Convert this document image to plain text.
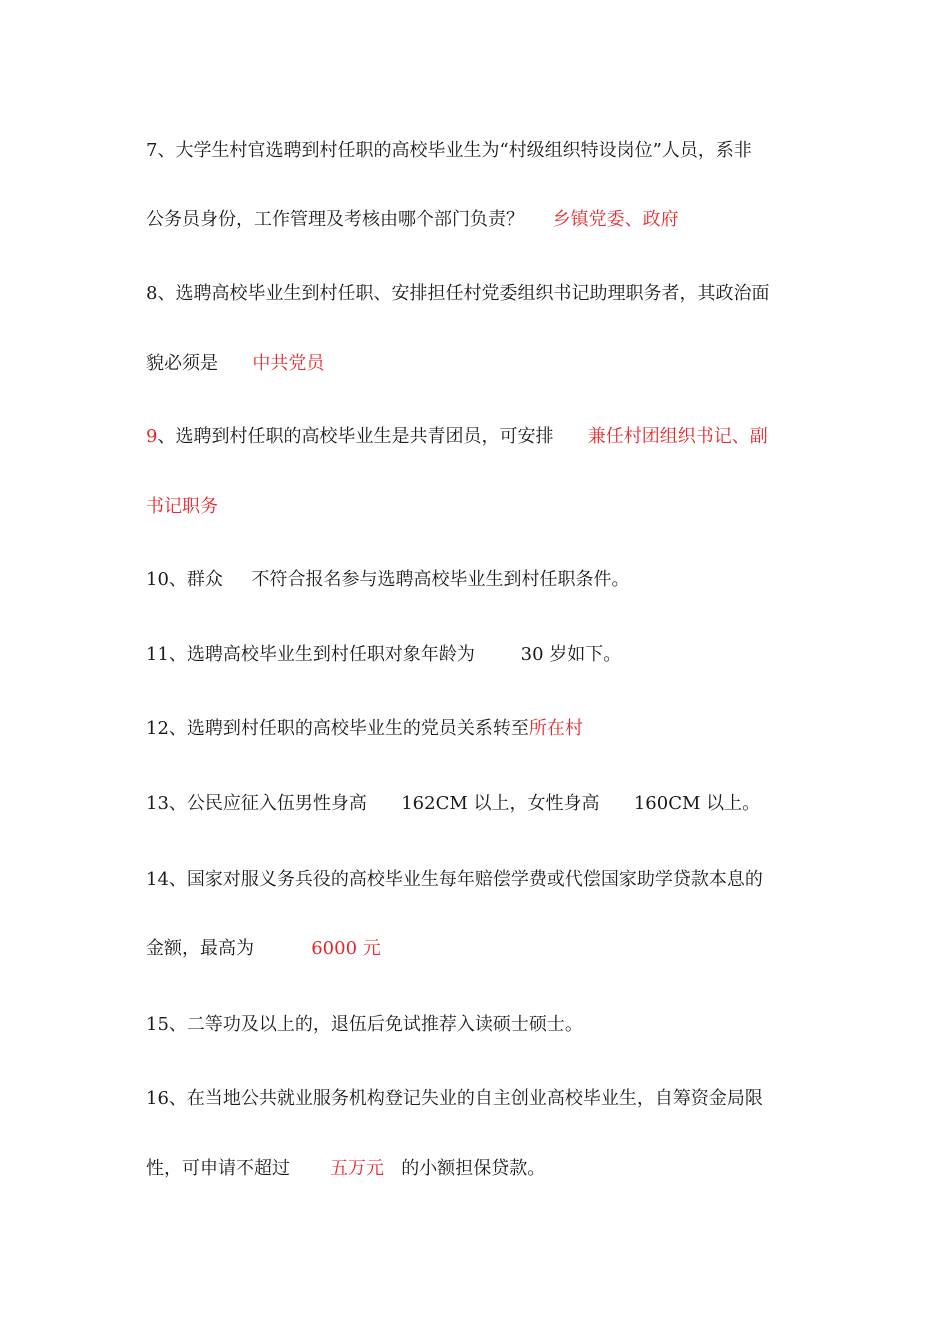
7、大学生村官选聘到村任职的高校毕业生为“村级组织特设岗位”人员，系非
公务员身份，工作管理及考核由哪个部门负责？     乡镇党委、政府
8、选聘高校毕业生到村任职、安排担任村党委组织书记助理职务者，其政治面
貌必须是      中共党员
9、选聘到村任职的高校毕业生是共青团员，可安排      兼任村团组织书记、副
书记职务
10、群众     不符合报名参与选聘高校毕业生到村任职条件。
11、选聘高校毕业生到村任职对象年龄为        30 岁如下。
12、选聘到村任职的高校毕业生的党员关系转至所在村
13、公民应征入伍男性身高      162CM 以上，女性身高      160CM 以上。
14、国家对服义务兵役的高校毕业生每年赔偿学费或代偿国家助学贷款本息的
金额，最高为          6000 元
15、二等功及以上的，退伍后免试推荐入读硕士硕士。
16、在当地公共就业服务机构登记失业的自主创业高校毕业生，自筹资金局限
性，可申请不超过       五万元   的小额担保贷款。
